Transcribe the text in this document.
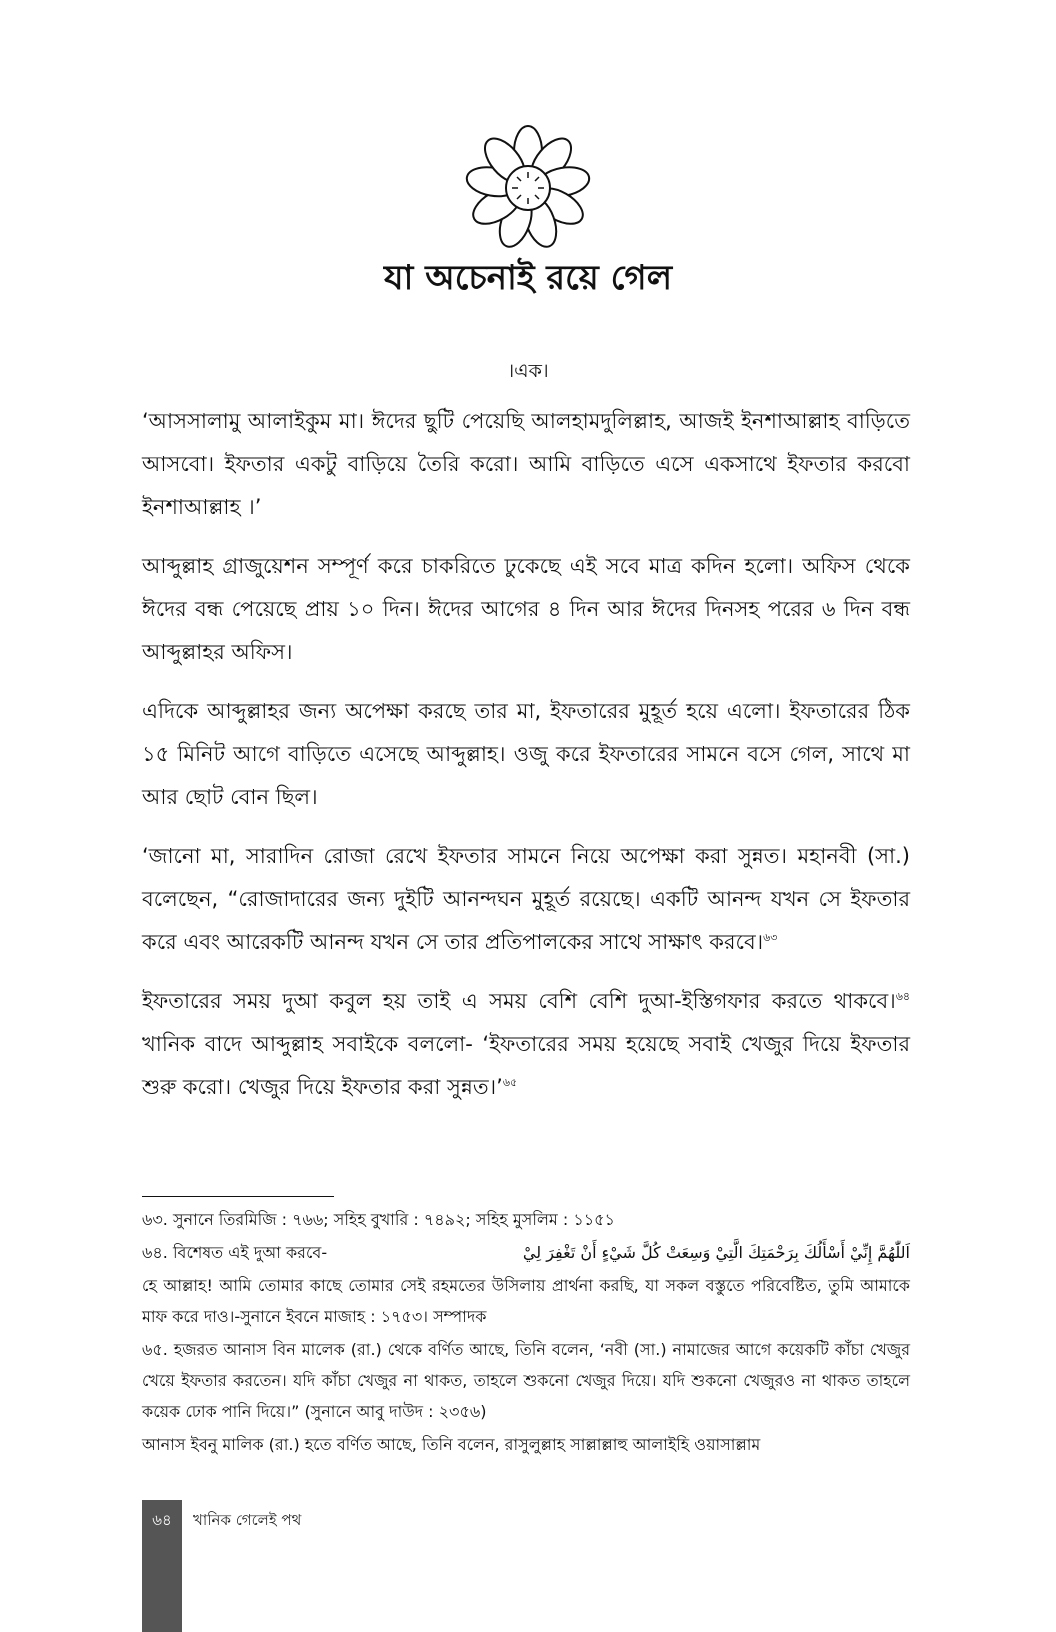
যা অচেনাই রয়ে গেল
।এক।

‘আসসালামু আলাইকুম মা। ঈদের ছুটি পেয়েছি আলহামদুলিল্লাহ, আজই ইনশাআল্লাহ বাড়িতে আসবো। ইফতার একটু বাড়িয়ে তৈরি করো। আমি বাড়িতে এসে একসাথে ইফতার করবো ইনশাআল্লাহ ।’

আব্দুল্লাহ গ্রাজুয়েশন সম্পূর্ণ করে চাকরিতে ঢুকেছে এই সবে মাত্র কদিন হলো। অফিস থেকে ঈদের বন্ধ পেয়েছে প্রায় ১০ দিন। ঈদের আগের ৪ দিন আর ঈদের দিনসহ পরের ৬ দিন বন্ধ আব্দুল্লাহর অফিস।

এদিকে আব্দুল্লাহর জন্য অপেক্ষা করছে তার মা, ইফতারের মুহূর্ত হয়ে এলো। ইফতারের ঠিক ১৫ মিনিট আগে বাড়িতে এসেছে আব্দুল্লাহ। ওজু করে ইফতারের সামনে বসে গেল, সাথে মা আর ছোট বোন ছিল।

‘জানো মা, সারাদিন রোজা রেখে ইফতার সামনে নিয়ে অপেক্ষা করা সুন্নত। মহানবী (সা.) বলেছেন, “রোজাদারের জন্য দুইটি আনন্দঘন মুহূর্ত রয়েছে। একটি আনন্দ যখন সে ইফতার করে এবং আরেকটি আনন্দ যখন সে তার প্রতিপালকের সাথে সাক্ষাৎ করবে।$^{৬৩}$

ইফতারের সময় দুআ কবুল হয় তাই এ সময় বেশি বেশি দুআ-ইস্তিগফার করতে থাকবে।$^{৬৪}$ খানিক বাদে আব্দুল্লাহ সবাইকে বললো- ‘ইফতারের সময় হয়েছে সবাই খেজুর দিয়ে ইফতার শুরু করো। খেজুর দিয়ে ইফতার করা সুন্নত।’$^{৬৫}$

৬৩. সুনানে তিরমিজি : ৭৬৬; সহিহ বুখারি : ৭৪৯২; সহিহ মুসলিম : ১১৫১

৬৪. বিশেষত এই দুআ করবে-	اَللّٰهُمَّ إِنِّيْ أَسْأَلُكَ بِرَحْمَتِكَ الَّتِيْ وَسِعَتْ كُلَّ شَيْءٍ أَنْ تَغْفِرَ لِيْ

হে আল্লাহ! আমি তোমার কাছে তোমার সেই রহমতের উসিলায় প্রার্থনা করছি, যা সকল বস্তুতে পরিবেষ্টিত, তুমি আমাকে মাফ করে দাও।-সুনানে ইবনে মাজাহ : ১৭৫৩। সম্পাদক

৬৫. হজরত আনাস বিন মালেক (রা.) থেকে বর্ণিত আছে, তিনি বলেন, ‘নবী (সা.) নামাজের আগে কয়েকটি কাঁচা খেজুর খেয়ে ইফতার করতেন। যদি কাঁচা খেজুর না থাকত, তাহলে শুকনো খেজুর দিয়ে। যদি শুকনো খেজুরও না থাকত তাহলে কয়েক ঢোক পানি দিয়ে।” (সুনানে আবু দাউদ : ২৩৫৬)

আনাস ইবনু মালিক (রা.) হতে বর্ণিত আছে, তিনি বলেন, রাসুলুল্লাহ সাল্লাল্লাহু আলাইহি ওয়াসাল্লাম

৬৪	খানিক গেলেই পথ
